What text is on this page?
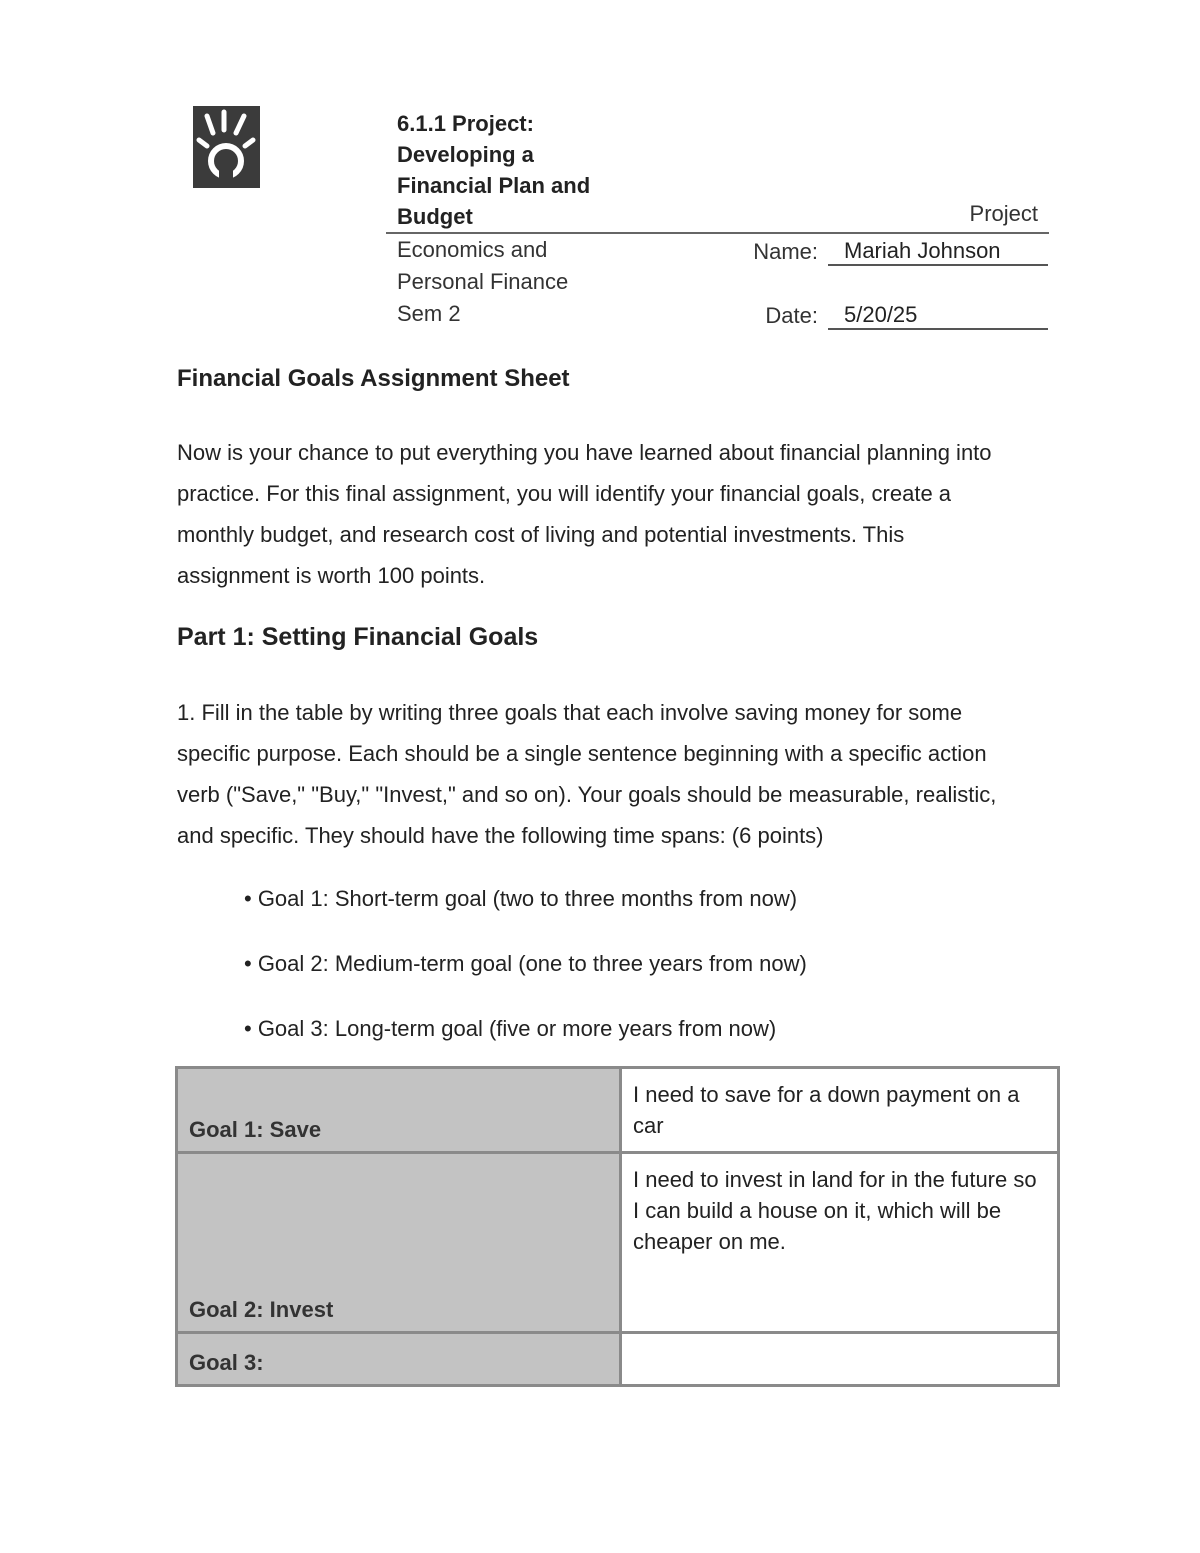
6.1.1 Project:
Developing a
Financial Plan and
Budget	Project
Economics and
Personal Finance
Sem 2
Name:	Mariah Johnson
Date:	5/20/25
Financial Goals Assignment Sheet
Now is your chance to put everything you have learned about financial planning into
practice. For this final assignment, you will identify your financial goals, create a
monthly budget, and research cost of living and potential investments. This
assignment is worth 100 points.
Part 1: Setting Financial Goals
1. Fill in the table by writing three goals that each involve saving money for some
specific purpose. Each should be a single sentence beginning with a specific action
verb ("Save," "Buy," "Invest," and so on). Your goals should be measurable, realistic,
and specific. They should have the following time spans: (6 points)
• Goal 1: Short-term goal (two to three months from now)
• Goal 2: Medium-term goal (one to three years from now)
• Goal 3: Long-term goal (five or more years from now)
Goal 1: Save	I need to save for a down payment on a car
Goal 2: Invest	I need to invest in land for in the future so I can build a house on it, which will be cheaper on me.
Goal 3:	
